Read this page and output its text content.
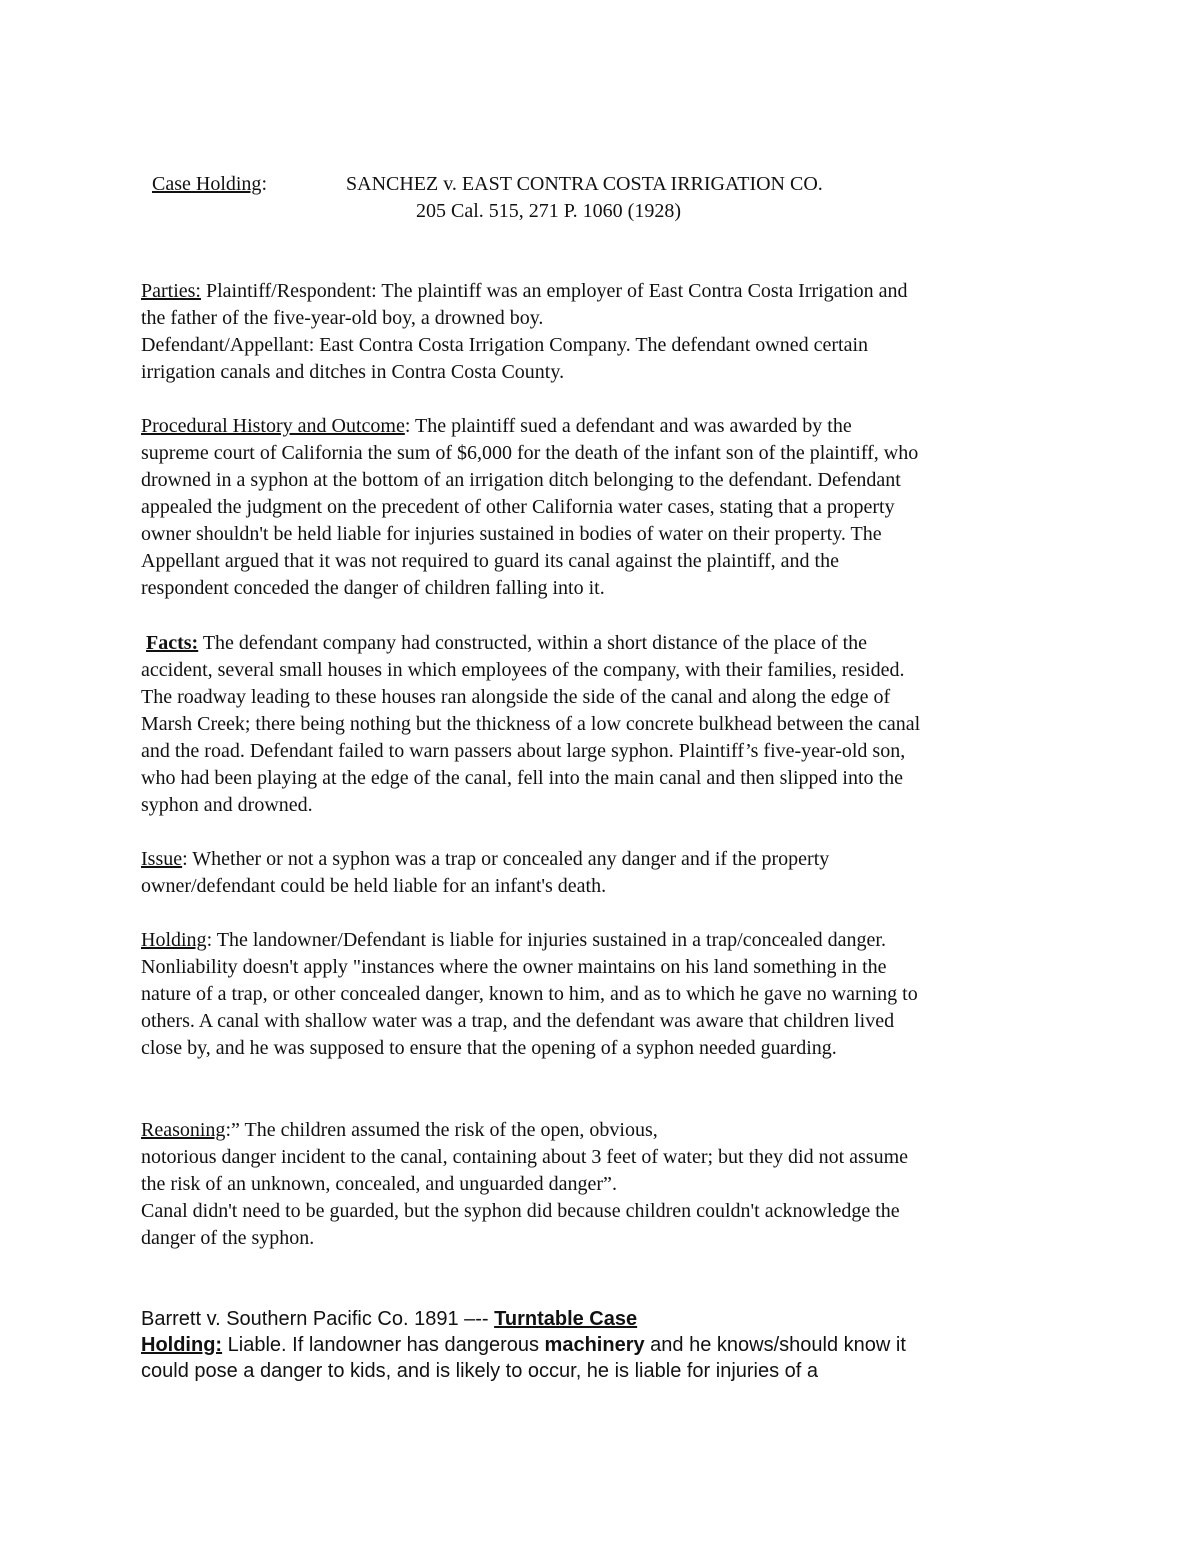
Case Holding:	SANCHEZ v. EAST CONTRA COSTA IRRIGATION CO.
205 Cal. 515, 271 P. 1060 (1928)
Parties: Plaintiff/Respondent: The plaintiff was an employer of East Contra Costa Irrigation and
the father of the five-year-old boy, a drowned boy.
Defendant/Appellant: East Contra Costa Irrigation Company. The defendant owned certain
irrigation canals and ditches in Contra Costa County.
Procedural History and Outcome: The plaintiff sued a defendant and was awarded by the
supreme court of California the sum of $6,000 for the death of the infant son of the plaintiff, who
drowned in a syphon at the bottom of an irrigation ditch belonging to the defendant. Defendant
appealed the judgment on the precedent of other California water cases, stating that a property
owner shouldn't be held liable for injuries sustained in bodies of water on their property. The
Appellant argued that it was not required to guard its canal against the plaintiff, and the
respondent conceded the danger of children falling into it.
Facts: The defendant company had constructed, within a short distance of the place of the
accident, several small houses in which employees of the company, with their families, resided.
The roadway leading to these houses ran alongside the side of the canal and along the edge of
Marsh Creek; there being nothing but the thickness of a low concrete bulkhead between the canal
and the road. Defendant failed to warn passers about large syphon. Plaintiff’s five-year-old son,
who had been playing at the edge of the canal, fell into the main canal and then slipped into the
syphon and drowned.
Issue: Whether or not a syphon was a trap or concealed any danger and if the property
owner/defendant could be held liable for an infant's death.
Holding: The landowner/Defendant is liable for injuries sustained in a trap/concealed danger.
Nonliability doesn't apply "instances where the owner maintains on his land something in the
nature of a trap, or other concealed danger, known to him, and as to which he gave no warning to
others. A canal with shallow water was a trap, and the defendant was aware that children lived
close by, and he was supposed to ensure that the opening of a syphon needed guarding.
Reasoning:” The children assumed the risk of the open, obvious,
notorious danger incident to the canal, containing about 3 feet of water; but they did not assume
the risk of an unknown, concealed, and unguarded danger”.
Canal didn't need to be guarded, but the syphon did because children couldn't acknowledge the
danger of the syphon.
Barrett v. Southern Pacific Co. 1891 –-- Turntable Case
Holding: Liable. If landowner has dangerous machinery and he knows/should know it
could pose a danger to kids, and is likely to occur, he is liable for injuries of a
